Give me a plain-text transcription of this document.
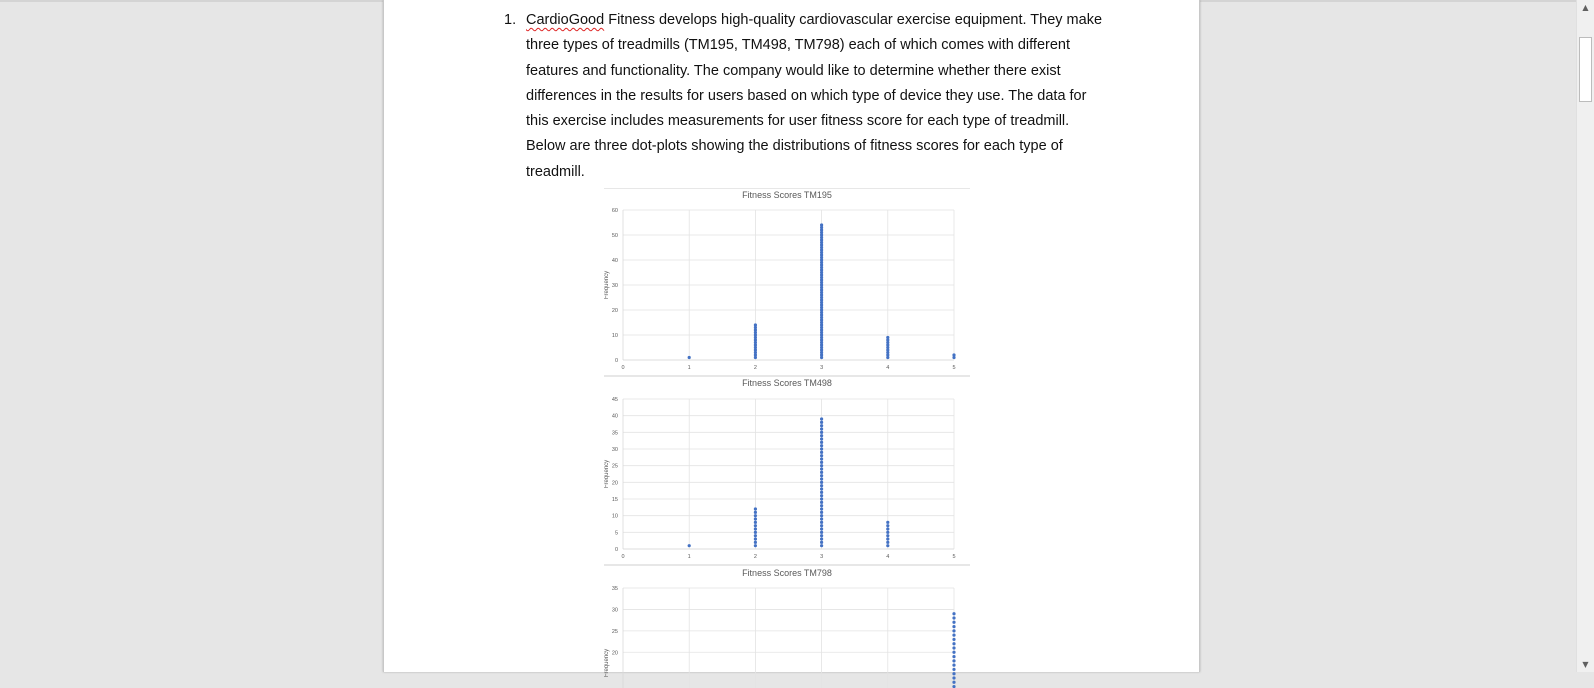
1. CardioGood Fitness develops high-quality cardiovascular exercise equipment. They make three types of treadmills (TM195, TM498, TM798) each of which comes with different features and functionality. The company would like to determine whether there exist differences in the results for users based on which type of device they use. The data for this exercise includes measurements for user fitness score for each type of treadmill. Below are three dot-plots showing the distributions of fitness scores for each type of treadmill.
Fitness Scores TM195
0
10
20
30
40
50
60
0	1	2	3	4	5
Frequency
Fitness Scores TM498
0
5
10
15
20
25
30
35
40
45
0	1	2	3	4	5
Frequency
Fitness Scores TM798
20
25
30
35
Frequency
▲
▼
